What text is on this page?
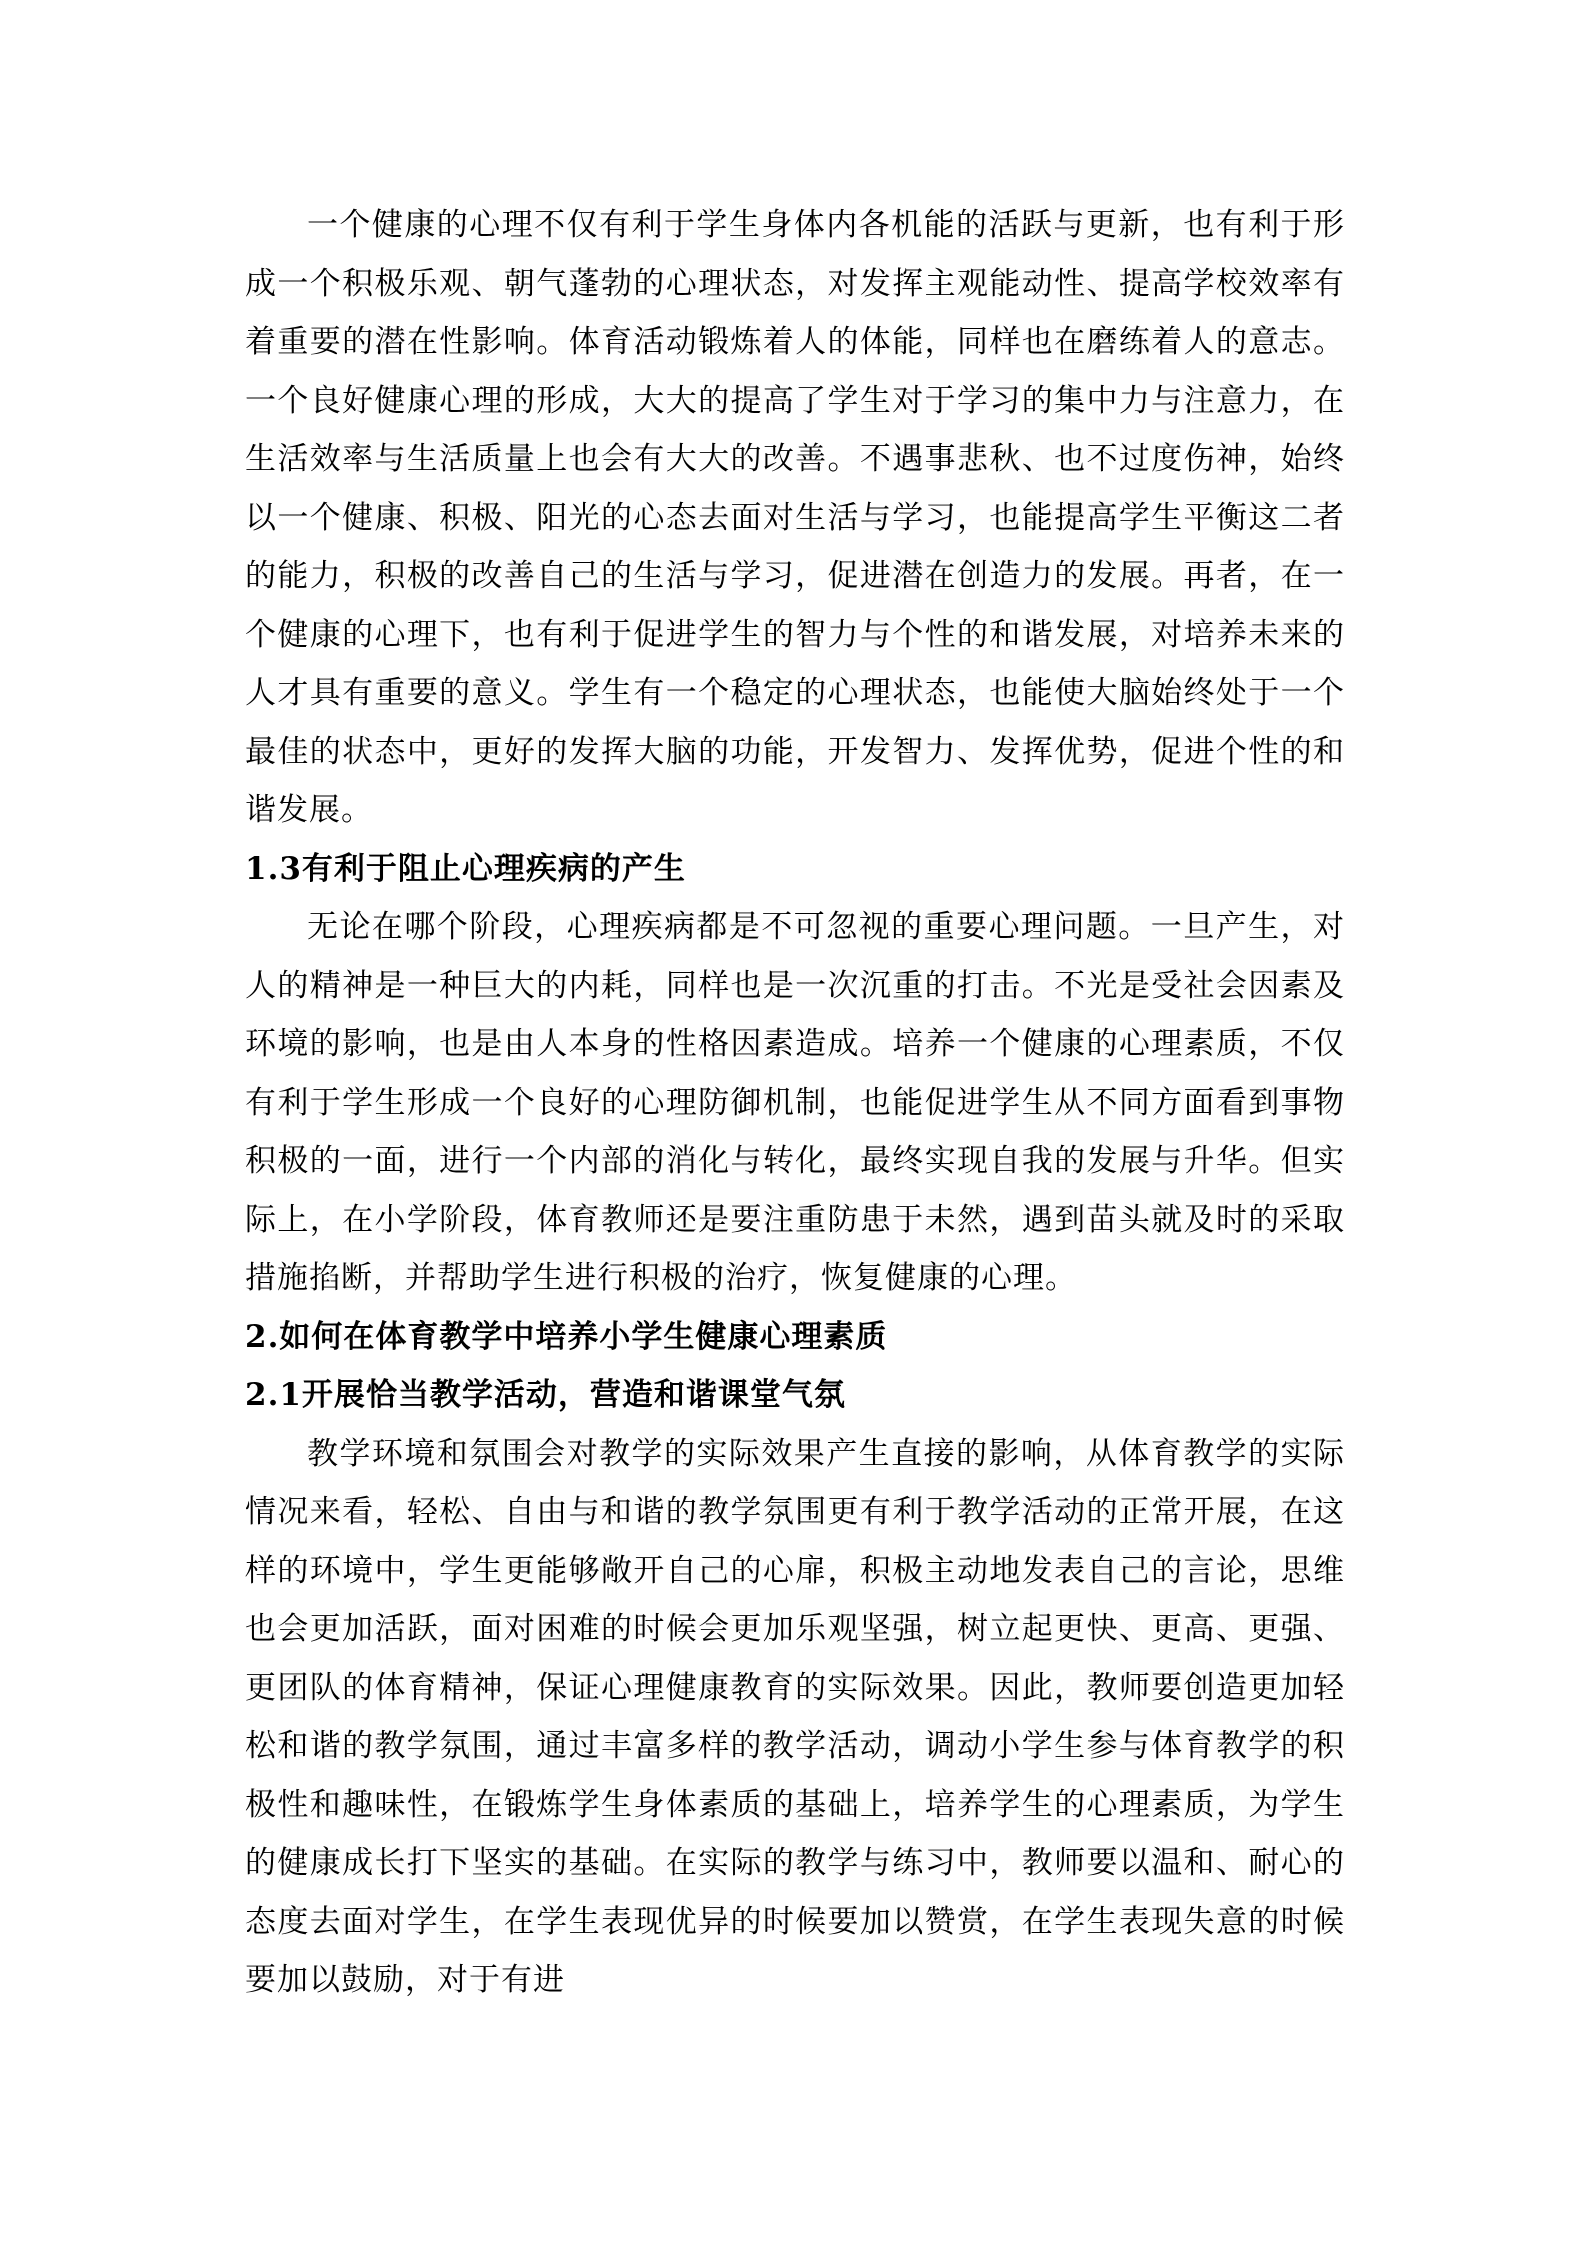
一个健康的心理不仅有利于学生身体内各机能的活跃与更新，也有利于形成一个积极乐观、朝气蓬勃的心理状态，对发挥主观能动性、提高学校效率有着重要的潜在性影响。体育活动锻炼着人的体能，同样也在磨练着人的意志。一个良好健康心理的形成，大大的提高了学生对于学习的集中力与注意力，在生活效率与生活质量上也会有大大的改善。不遇事悲秋、也不过度伤神，始终以一个健康、积极、阳光的心态去面对生活与学习，也能提高学生平衡这二者的能力，积极的改善自己的生活与学习，促进潜在创造力的发展。再者，在一个健康的心理下，也有利于促进学生的智力与个性的和谐发展，对培养未来的人才具有重要的意义。学生有一个稳定的心理状态，也能使大脑始终处于一个最佳的状态中，更好的发挥大脑的功能，开发智力、发挥优势，促进个性的和谐发展。

1.3有利于阻止心理疾病的产生

无论在哪个阶段，心理疾病都是不可忽视的重要心理问题。一旦产生，对人的精神是一种巨大的内耗，同样也是一次沉重的打击。不光是受社会因素及环境的影响，也是由人本身的性格因素造成。培养一个健康的心理素质，不仅有利于学生形成一个良好的心理防御机制，也能促进学生从不同方面看到事物积极的一面，进行一个内部的消化与转化，最终实现自我的发展与升华。但实际上，在小学阶段，体育教师还是要注重防患于未然，遇到苗头就及时的采取措施掐断，并帮助学生进行积极的治疗，恢复健康的心理。

2.如何在体育教学中培养小学生健康心理素质

2.1开展恰当教学活动，营造和谐课堂气氛

教学环境和氛围会对教学的实际效果产生直接的影响，从体育教学的实际情况来看，轻松、自由与和谐的教学氛围更有利于教学活动的正常开展，在这样的环境中，学生更能够敞开自己的心扉，积极主动地发表自己的言论，思维也会更加活跃，面对困难的时候会更加乐观坚强，树立起更快、更高、更强、更团队的体育精神，保证心理健康教育的实际效果。因此，教师要创造更加轻松和谐的教学氛围，通过丰富多样的教学活动，调动小学生参与体育教学的积极性和趣味性，在锻炼学生身体素质的基础上，培养学生的心理素质，为学生的健康成长打下坚实的基础。在实际的教学与练习中，教师要以温和、耐心的态度去面对学生，在学生表现优异的时候要加以赞赏，在学生表现失意的时候要加以鼓励，对于有进
